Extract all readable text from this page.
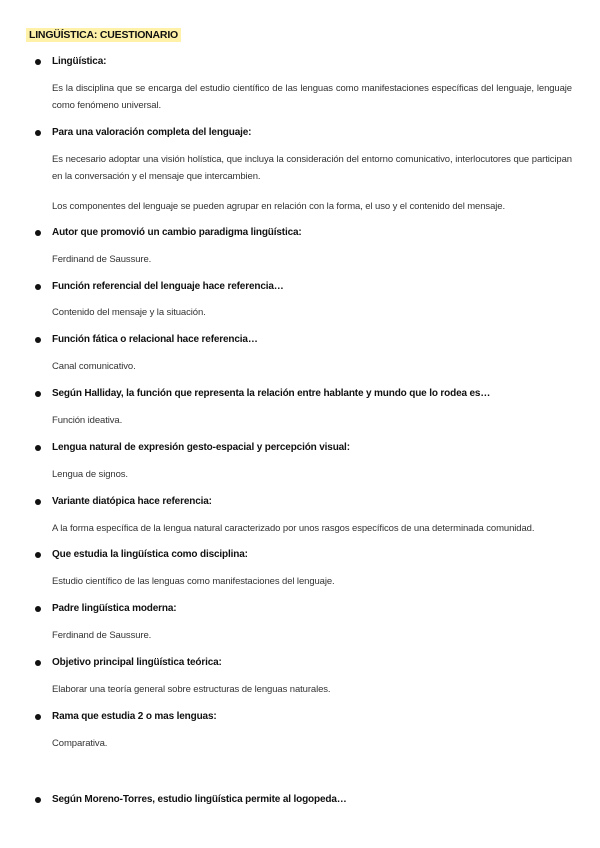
LINGÜÍSTICA: CUESTIONARIO
Lingüística:
Es la disciplina que se encarga del estudio científico de las lenguas como manifestaciones específicas del lenguaje, lenguaje como fenómeno universal.
Para una valoración completa del lenguaje:
Es necesario adoptar una visión holística, que incluya la consideración del entorno comunicativo, interlocutores que participan en la conversación y el mensaje que intercambien.
Los componentes del lenguaje se pueden agrupar en relación con la forma, el uso y el contenido del mensaje.
Autor que promovió un cambio paradigma lingüística:
Ferdinand de Saussure.
Función referencial del lenguaje hace referencia…
Contenido del mensaje y la situación.
Función fática o relacional hace referencia…
Canal comunicativo.
Según Halliday, la función que representa la relación entre hablante y mundo que lo rodea es…
Función ideativa.
Lengua natural de expresión gesto-espacial y percepción visual:
Lengua de signos.
Variante diatópica hace referencia:
A la forma específica de la lengua natural caracterizado por unos rasgos específicos de una determinada comunidad.
Que estudia la lingüística como disciplina:
Estudio científico de las lenguas como manifestaciones del lenguaje.
Padre lingüística moderna:
Ferdinand de Saussure.
Objetivo principal lingüística teórica:
Elaborar una teoría general sobre estructuras de lenguas naturales.
Rama que estudia 2 o mas lenguas:
Comparativa.
Según Moreno-Torres, estudio lingüística permite al logopeda…
